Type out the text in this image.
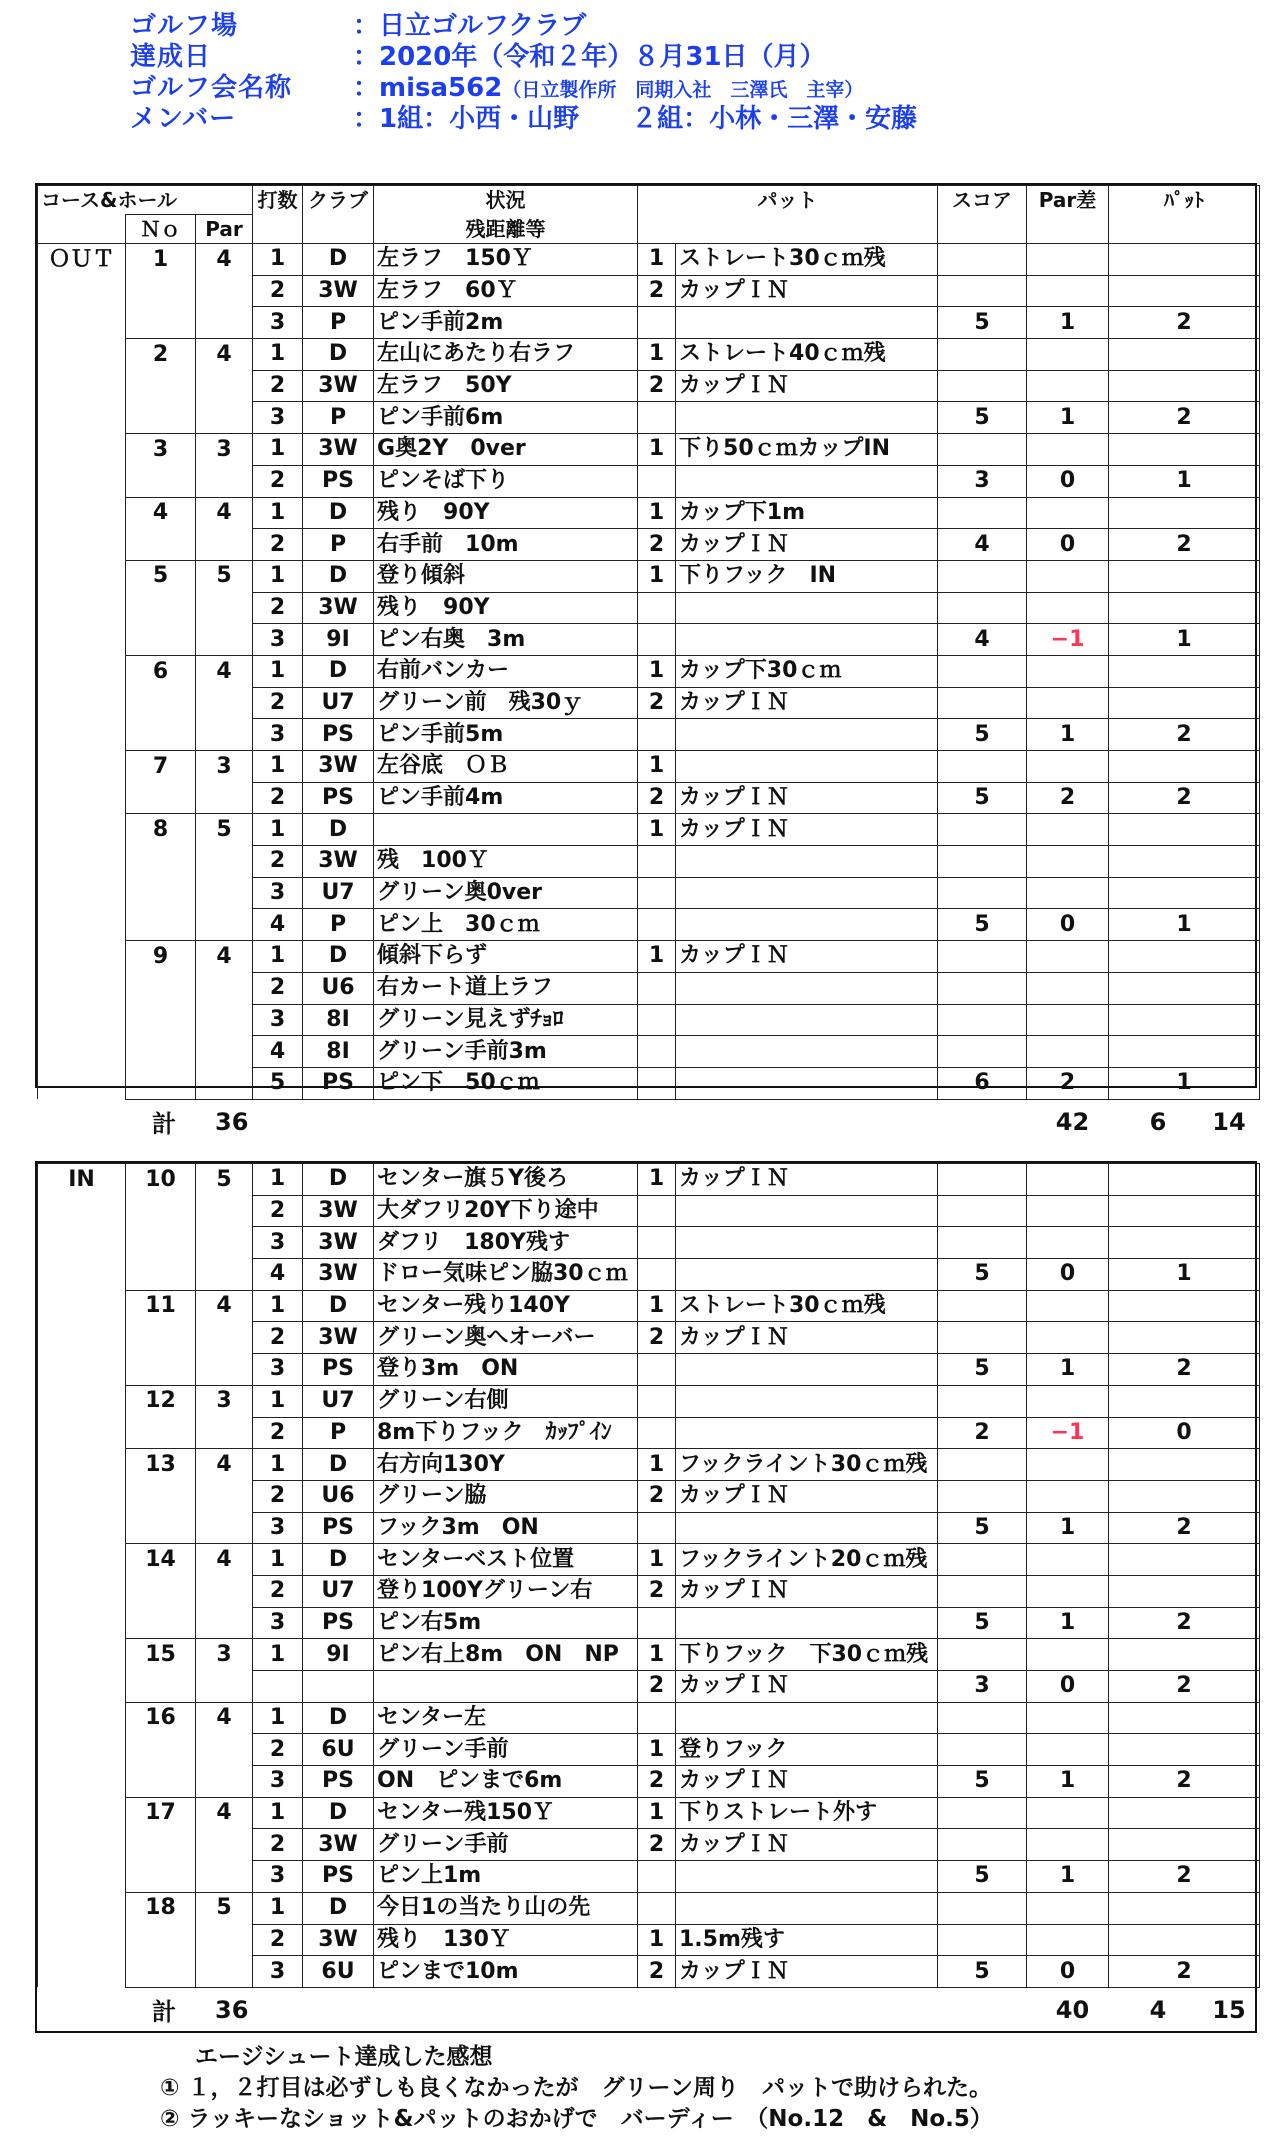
ゴルフ場	：日立ゴルフクラブ
達成日	：2020年（令和２年）８月31日（月）
ゴルフ会名称	：misa562（日立製作所　同期入社　三澤氏　主宰）
メンバー	：1組：小西・山野　　２組：小林・三澤・安藤
コース&ホール			打数	クラブ	状況	パット		スコア	Par差	ﾊﾟｯﾄ
	Ｎｏ	Par			残距離等					
ＯＵＴ	1	4	1	D	左ラフ　150Ｙ	1	ストレート30ｃｍ残			
			2	3W	左ラフ　60Ｙ	2	カップＩＮ			
			3	P	ピン手前2m			5	1	2
	2	4	1	D	左山にあたり右ラフ	1	ストレート40ｃｍ残			
			2	3W	左ラフ　50Y	2	カップＩＮ			
			3	P	ピン手前6m			5	1	2
	3	3	1	3W	G奥2Y　0ver	1	下り50ｃｍカップIN			
			2	PS	ピンそば下り			3	0	1
	4	4	1	D	残り　90Y	1	カップ下1m			
			2	P	右手前　10m	2	カップＩＮ	4	0	2
	5	5	1	D	登り傾斜	1	下りフック　IN			
			2	3W	残り　90Y					
			3	9I	ピン右奥　3m			4	−1	1
	6	4	1	D	右前バンカー	1	カップ下30ｃｍ			
			2	U7	グリーン前　残30ｙ	2	カップＩＮ			
			3	PS	ピン手前5m			5	1	2
	7	3	1	3W	左谷底　ＯＢ	1				
			2	PS	ピン手前4m	2	カップＩＮ	5	2	2
	8	5	1	D		1	カップＩＮ			
			2	3W	残　100Ｙ					
			3	U7	グリーン奥0ver					
			4	P	ピン上　30ｃｍ			5	0	1
	9	4	1	D	傾斜下らず	1	カップＩＮ			
			2	U6	右カート道上ラフ					
			3	8I	グリーン見えずﾁｮﾛ					
			4	8I	グリーン手前3m					
			5	PS	ピン下　50ｃｍ			6	2	1
計 36	42	6	14
IN	10	5	1	D	センター旗５Y後ろ	1	カップＩＮ			
			2	3W	大ダフリ20Y下り途中					
			3	3W	ダフリ　180Y残す					
			4	3W	ドロー気味ピン脇30ｃｍ			5	0	1
	11	4	1	D	センター残り140Y	1	ストレート30ｃｍ残			
			2	3W	グリーン奥へオーバー	2	カップＩＮ			
			3	PS	登り3m　ON			5	1	2
	12	3	1	U7	グリーン右側					
			2	P	8m下りフック　ｶｯﾌﾟｲﾝ			2	−1	0
	13	4	1	D	右方向130Y	1	フックライント30ｃｍ残			
			2	U6	グリーン脇	2	カップＩＮ			
			3	PS	フック3m　ON			5	1	2
	14	4	1	D	センターベスト位置	1	フックライント20ｃｍ残			
			2	U7	登り100Yグリーン右	2	カップＩＮ			
			3	PS	ピン右5m			5	1	2
	15	3	1	9I	ピン右上8m　ON　NP	1	下りフック　下30ｃｍ残			
						2	カップＩＮ	3	0	2
	16	4	1	D	センター左					
			2	6U	グリーン手前	1	登りフック			
			3	PS	ON　ピンまで6m	2	カップＩＮ	5	1	2
	17	4	1	D	センター残150Ｙ	1	下りストレート外す			
			2	3W	グリーン手前	2	カップＩＮ			
			3	PS	ピン上1m			5	1	2
	18	5	1	D	今日1の当たり山の先					
			2	3W	残り　130Ｙ	1	1.5m残す			
			3	6U	ピンまで10m	2	カップＩＮ	5	0	2
計 36	40	4	15
エージシュート達成した感想
① １，２打目は必ずしも良くなかったが　グリーン周り　パットで助けられた。
② ラッキーなショット&パットのおかげで　バーディー　（No.12　&　No.5）
